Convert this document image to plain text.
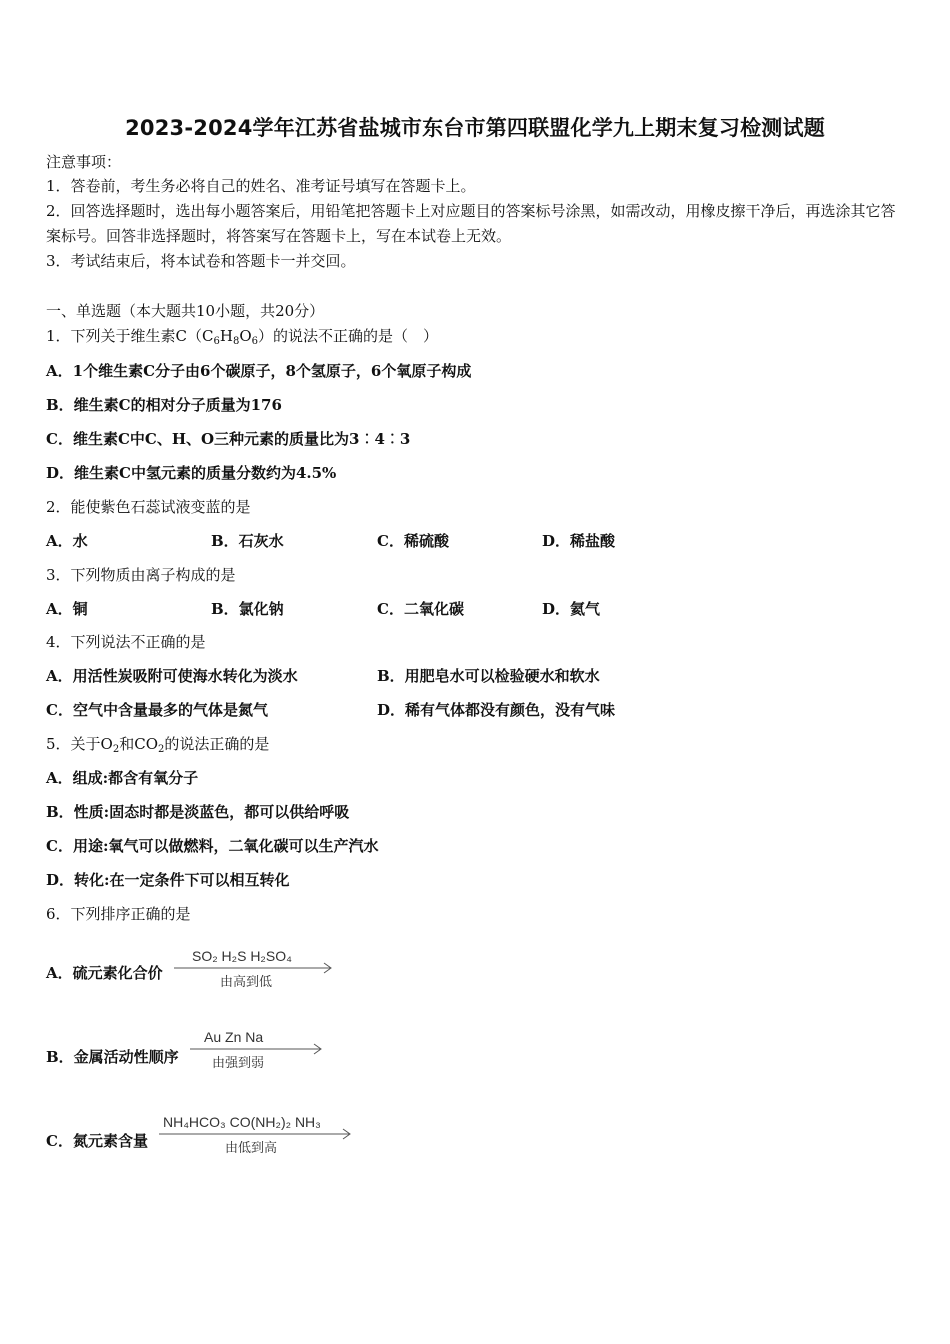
2023-2024学年江苏省盐城市东台市第四联盟化学九上期末复习检测试题
注意事项：
1．答卷前，考生务必将自己的姓名、准考证号填写在答题卡上。
2．回答选择题时，选出每小题答案后，用铅笔把答题卡上对应题目的答案标号涂黑，如需改动，用橡皮擦干净后，再选涂其它答案标号。回答非选择题时，将答案写在答题卡上，写在本试卷上无效。
3．考试结束后，将本试卷和答题卡一并交回。
一、单选题（本大题共10小题，共20分）
1．下列关于维生素$C(C_6H_8O_6)$的说法不正确的是（　）
A．1个维生素C分子由6个碳原子，8个氢原子，6个氧原子构成
B．维生素C的相对分子质量为176
C．维生素C中C、H、O三种元素的质量比为3︰4︰3
D．维生素C中氢元素的质量分数约为4.5%
2．能使紫色石蕊试液变蓝的是
A．水	B．石灰水	C．稀硫酸	D．稀盐酸
3．下列物质由离子构成的是
A．铜	B．氯化钠	C．二氧化碳	D．氦气
4．下列说法不正确的是
A．用活性炭吸附可使海水转化为淡水	B．用肥皂水可以检验硬水和软水
C．空气中含量最多的气体是氮气	D．稀有气体都没有颜色，没有气味
5．关于$O_2$和$CO_2$的说法正确的是
A．组成:都含有氧分子
B．性质:固态时都是淡蓝色，都可以供给呼吸
C．用途:氧气可以做燃料，二氧化碳可以生产汽水
D．转化:在一定条件下可以相互转化
6．下列排序正确的是
A．硫元素化合价
SO₂ H₂S H₂SO₄
由高到低
B．金属活动性顺序
Au Zn Na
由强到弱
C．氮元素含量
NH₄HCO₃ CO(NH₂)₂ NH₃
由低到高
